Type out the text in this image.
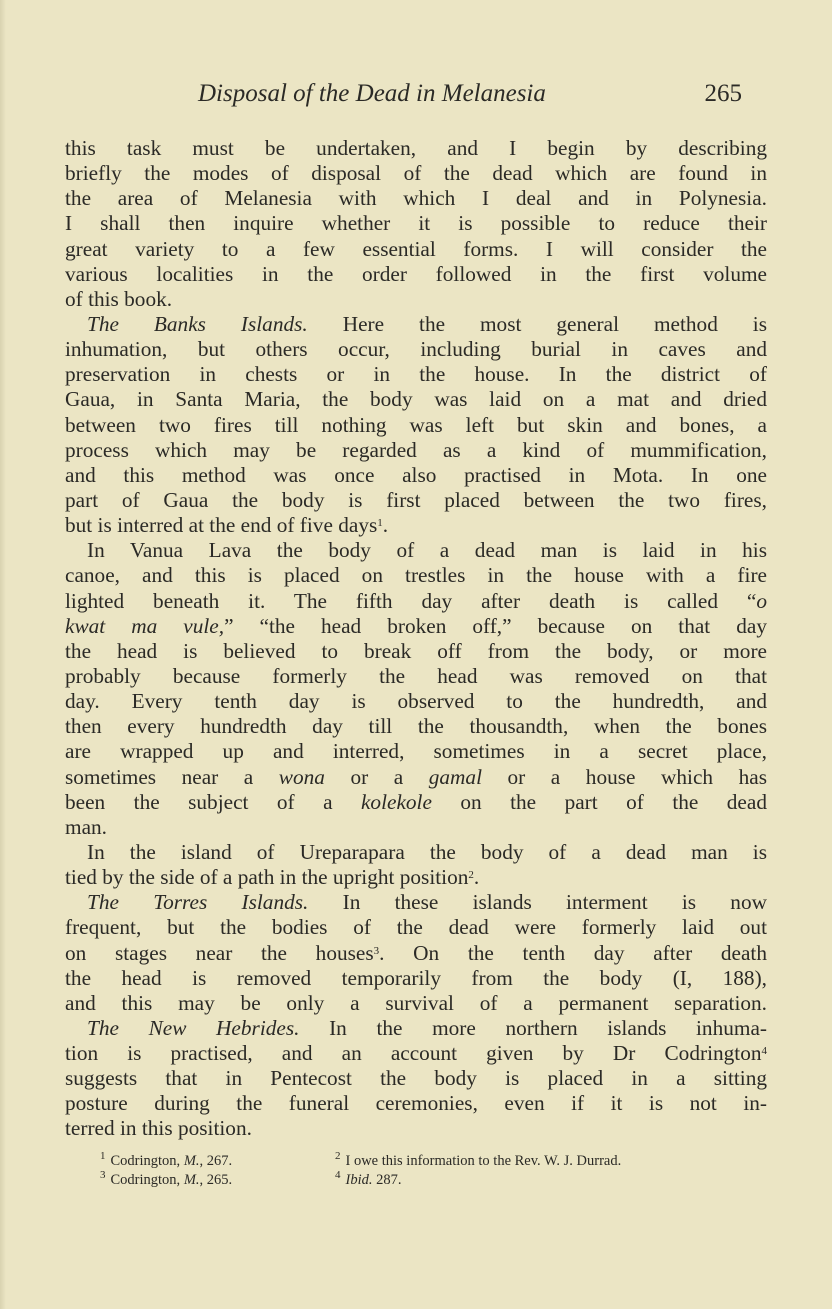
Disposal of the Dead in Melanesia	265
this task must be undertaken, and I begin by describing
briefly the modes of disposal of the dead which are found in
the area of Melanesia with which I deal and in Polynesia.
I shall then inquire whether it is possible to reduce their
great variety to a few essential forms. I will consider the
various localities in the order followed in the first volume
of this book.
The Banks Islands. Here the most general method is
inhumation, but others occur, including burial in caves and
preservation in chests or in the house. In the district of
Gaua, in Santa Maria, the body was laid on a mat and dried
between two fires till nothing was left but skin and bones, a
process which may be regarded as a kind of mummification,
and this method was once also practised in Mota. In one
part of Gaua the body is first placed between the two fires,
but is interred at the end of five days$^1$.
In Vanua Lava the body of a dead man is laid in his
canoe, and this is placed on trestles in the house with a fire
lighted beneath it. The fifth day after death is called “o
kwat ma vule,” “the head broken off,” because on that day
the head is believed to break off from the body, or more
probably because formerly the head was removed on that
day. Every tenth day is observed to the hundredth, and
then every hundredth day till the thousandth, when the bones
are wrapped up and interred, sometimes in a secret place,
sometimes near a wona or a gamal or a house which has
been the subject of a kolekole on the part of the dead
man.
In the island of Ureparapara the body of a dead man is
tied by the side of a path in the upright position$^2$.
The Torres Islands. In these islands interment is now
frequent, but the bodies of the dead were formerly laid out
on stages near the houses$^3$. On the tenth day after death
the head is removed temporarily from the body (I, 188),
and this may be only a survival of a permanent separation.
The New Hebrides. In the more northern islands inhuma-
tion is practised, and an account given by Dr Codrington$^4$
suggests that in Pentecost the body is placed in a sitting
posture during the funeral ceremonies, even if it is not in-
terred in this position.
$^1$ Codrington, M., 267.	$^2$ I owe this information to the Rev. W. J. Durrad.
$^3$ Codrington, M., 265.	$^4$ Ibid. 287.
